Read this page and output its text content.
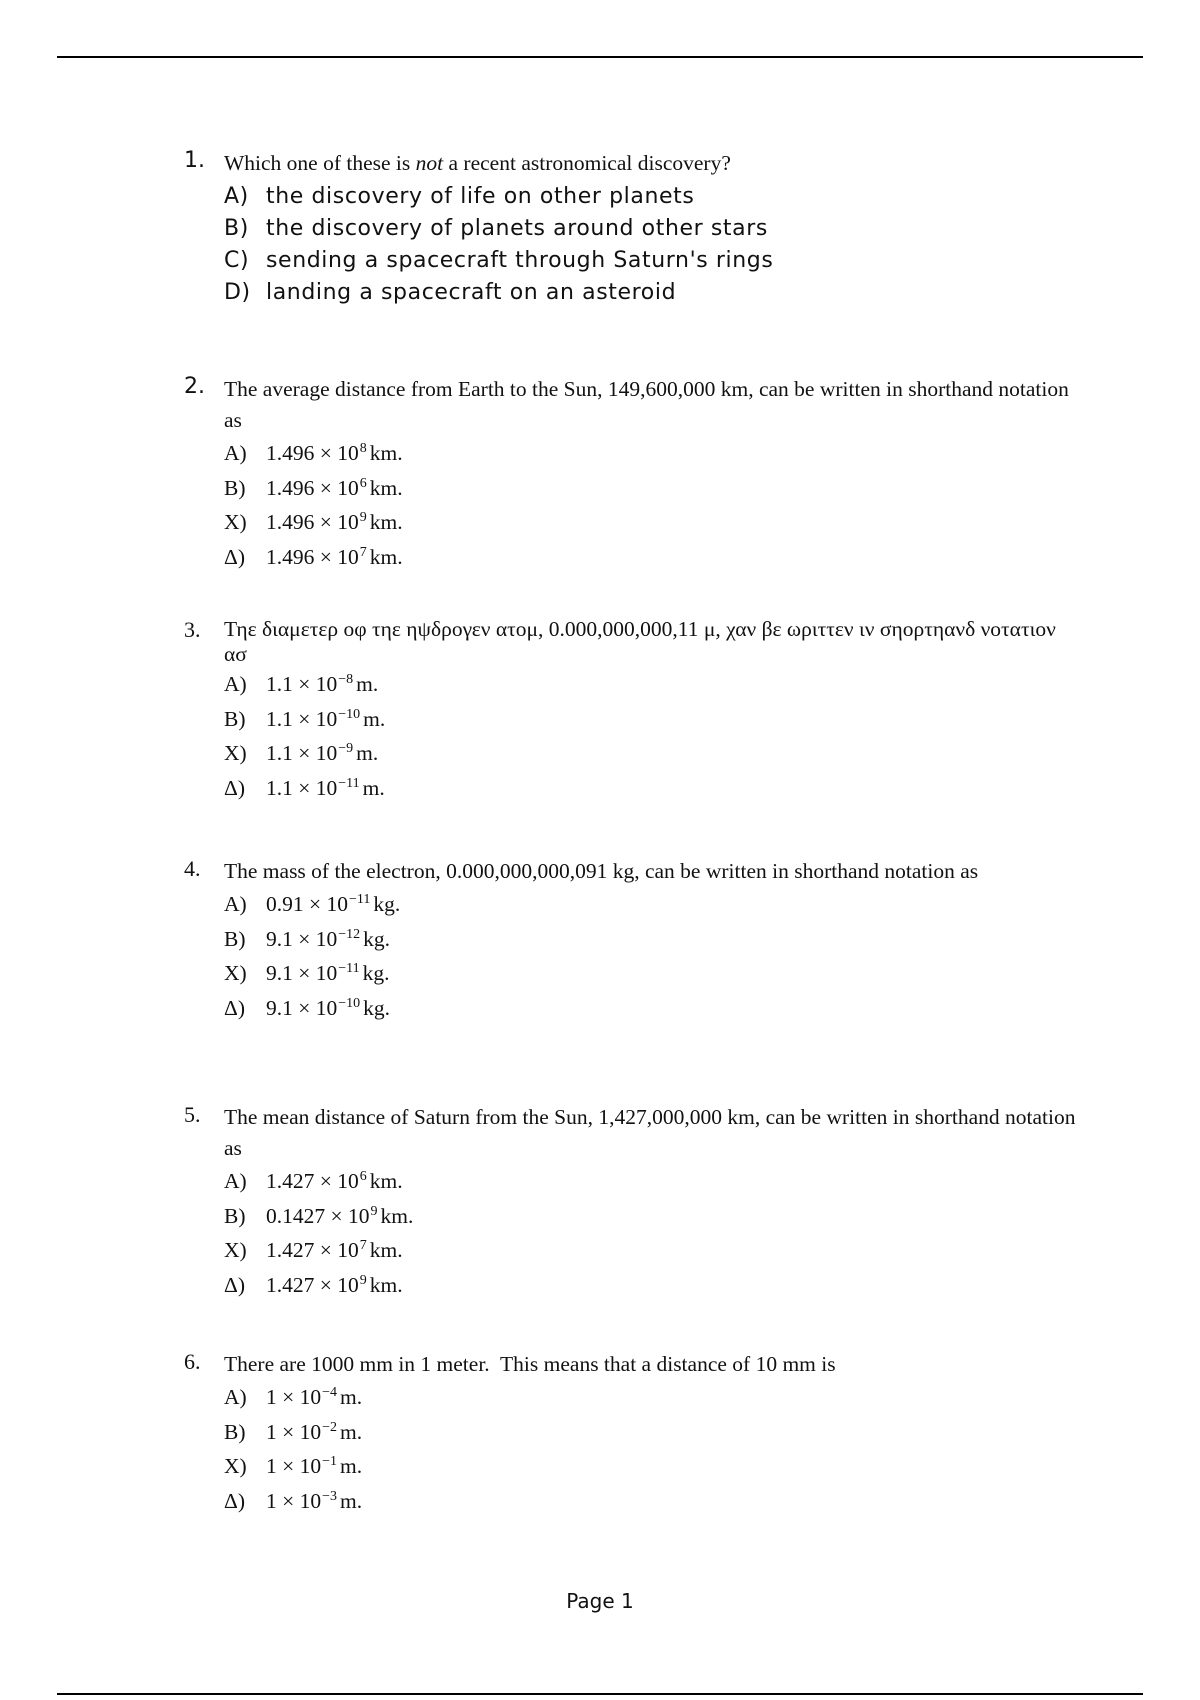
1. Which one of these is not a recent astronomical discovery?
A) the discovery of life on other planets
B) the discovery of planets around other stars
C) sending a spacecraft through Saturn's rings
D) landing a spacecraft on an asteroid
2. The average distance from Earth to the Sun, 149,600,000 km, can be written in shorthand notation as
A) $1.496 \times 10^8$ km.
B) $1.496 \times 10^6$ km.
X) $1.496 \times 10^9$ km.
Δ) $1.496 \times 10^7$ km.
3. Τηε διαμετερ οφ τηε ηψδρογεν ατομ, 0.000,000,000,11 μ, χαν βε ωριττεν ιν σηορτηανδ νοτατιον ασ
A) $1.1 \times 10^{-8}$ m.
B) $1.1 \times 10^{-10}$ m.
X) $1.1 \times 10^{-9}$ m.
Δ) $1.1 \times 10^{-11}$ m.
4. The mass of the electron, 0.000,000,000,091 kg, can be written in shorthand notation as
A) $0.91 \times 10^{-11}$ kg.
B) $9.1 \times 10^{-12}$ kg.
X) $9.1 \times 10^{-11}$ kg.
Δ) $9.1 \times 10^{-10}$ kg.
5. The mean distance of Saturn from the Sun, 1,427,000,000 km, can be written in shorthand notation as
A) $1.427 \times 10^6$ km.
B) $0.1427 \times 10^9$ km.
X) $1.427 \times 10^7$ km.
Δ) $1.427 \times 10^9$ km.
6. There are 1000 mm in 1 meter.  This means that a distance of 10 mm is
A) $1 \times 10^{-4}$ m.
B) $1 \times 10^{-2}$ m.
X) $1 \times 10^{-1}$ m.
Δ) $1 \times 10^{-3}$ m.
Page 1
